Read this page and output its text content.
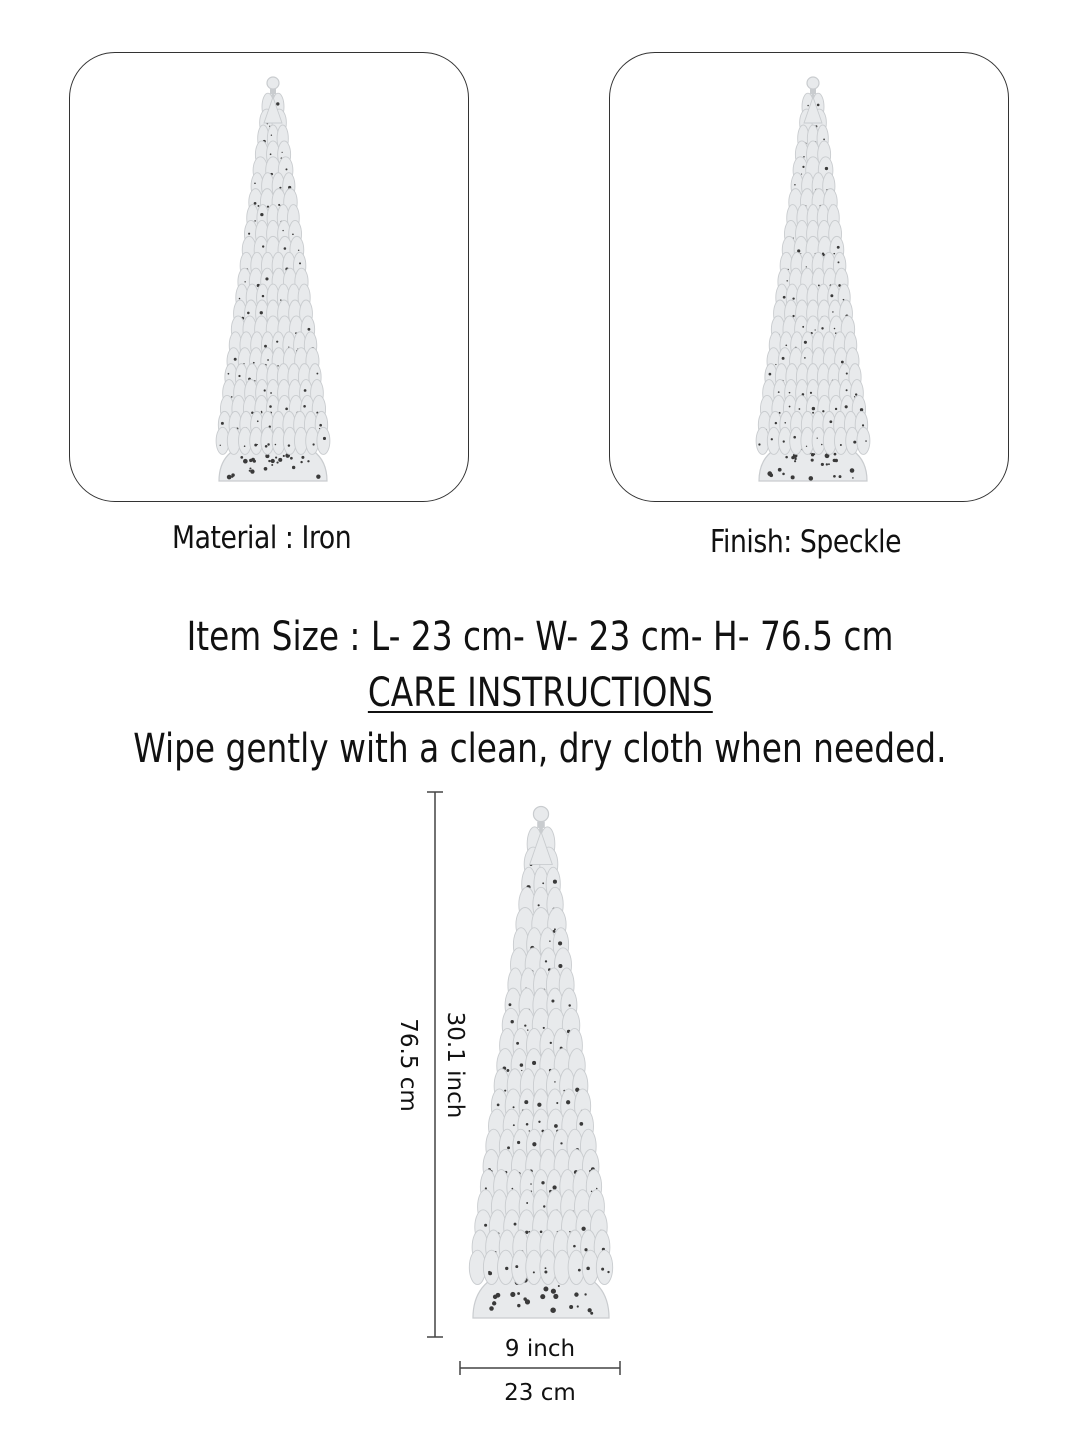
Material : Iron	Finish: Speckle
Item Size : L- 23 cm- W- 23 cm- H- 76.5 cm
CARE INSTRUCTIONS
Wipe gently with a clean, dry cloth when needed.
76.5 cm 30.1 inch
9 inch
23 cm
